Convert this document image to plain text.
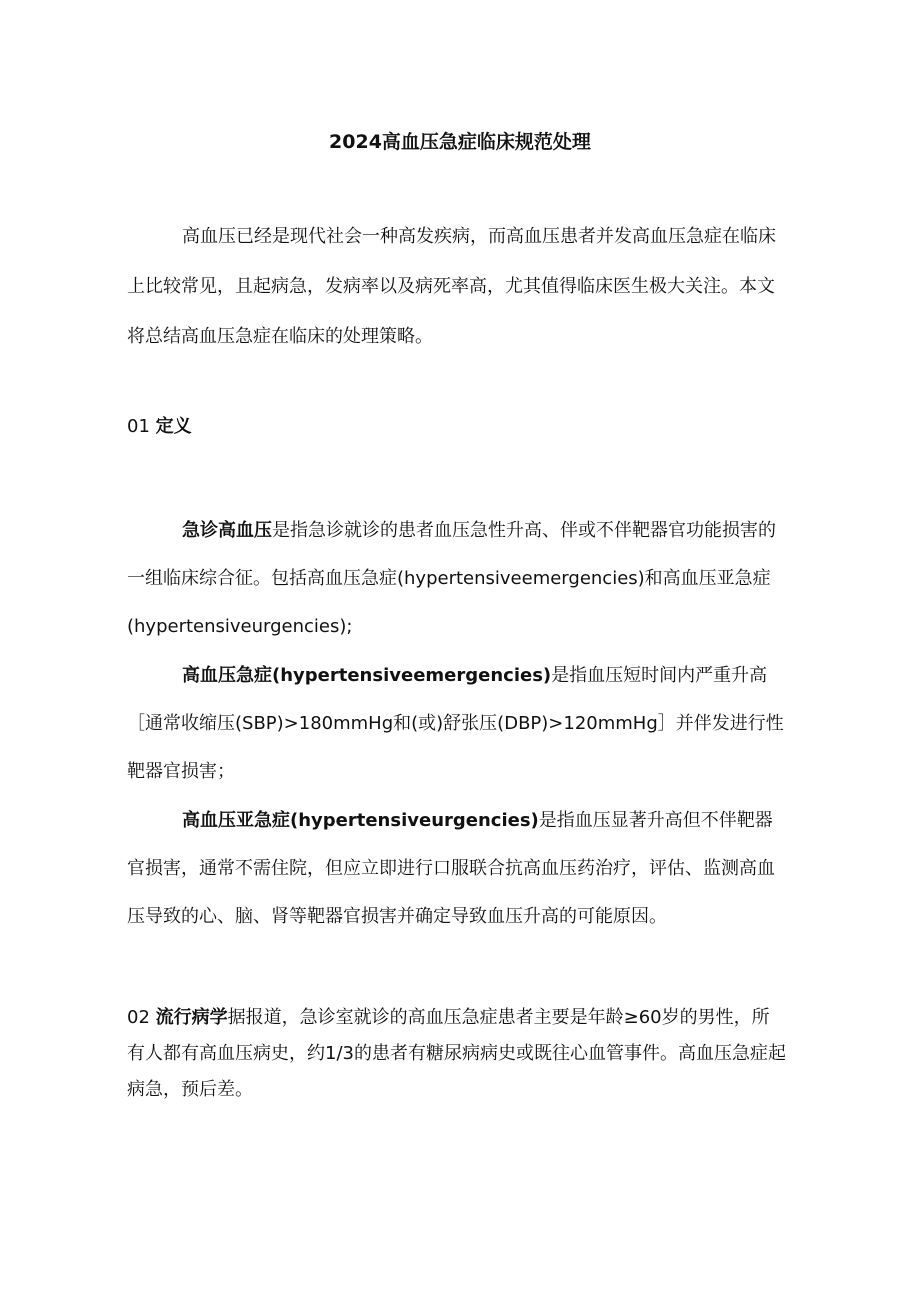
2024高血压急症临床规范处理

高血压已经是现代社会一种高发疾病，而高血压患者并发高血压急症在临床上比较常见，且起病急，发病率以及病死率高，尤其值得临床医生极大关注。本文将总结高血压急症在临床的处理策略。

01 定义

急诊高血压是指急诊就诊的患者血压急性升高、伴或不伴靶器官功能损害的一组临床综合征。包括高血压急症(hypertensiveemergencies)和高血压亚急症(hypertensiveurgencies);

高血压急症(hypertensiveemergencies)是指血压短时间内严重升高［通常收缩压(SBP)>180mmHg和(或)舒张压(DBP)>120mmHg］并伴发进行性靶器官损害；

高血压亚急症(hypertensiveurgencies)是指血压显著升高但不伴靶器官损害，通常不需住院，但应立即进行口服联合抗高血压药治疗，评估、监测高血压导致的心、脑、肾等靶器官损害并确定导致血压升高的可能原因。

02 流行病学据报道，急诊室就诊的高血压急症患者主要是年龄≥60岁的男性，所有人都有高血压病史，约1/3的患者有糖尿病病史或既往心血管事件。高血压急症起病急，预后差。
